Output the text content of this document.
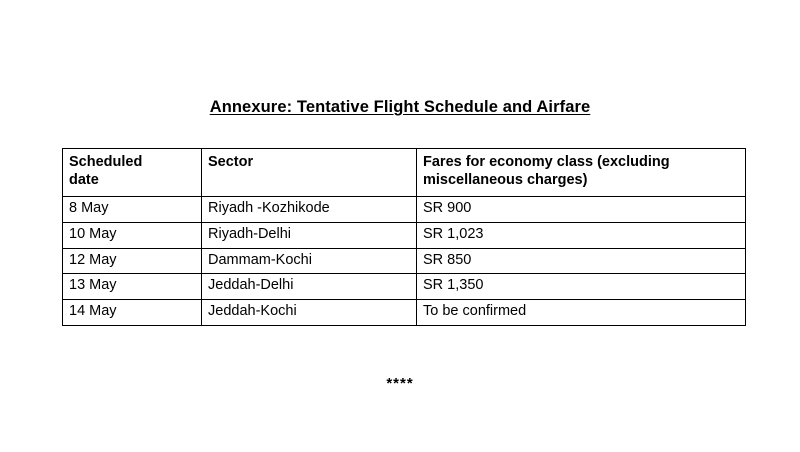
Annexure: Tentative Flight Schedule and Airfare
Scheduled
date	Sector	Fares for economy class (excluding miscellaneous charges)
8 May	Riyadh -Kozhikode	SR 900
10 May	Riyadh-Delhi	SR 1,023
12 May	Dammam-Kochi	SR 850
13 May	Jeddah-Delhi	SR 1,350
14 May	Jeddah-Kochi	To be confirmed
****
